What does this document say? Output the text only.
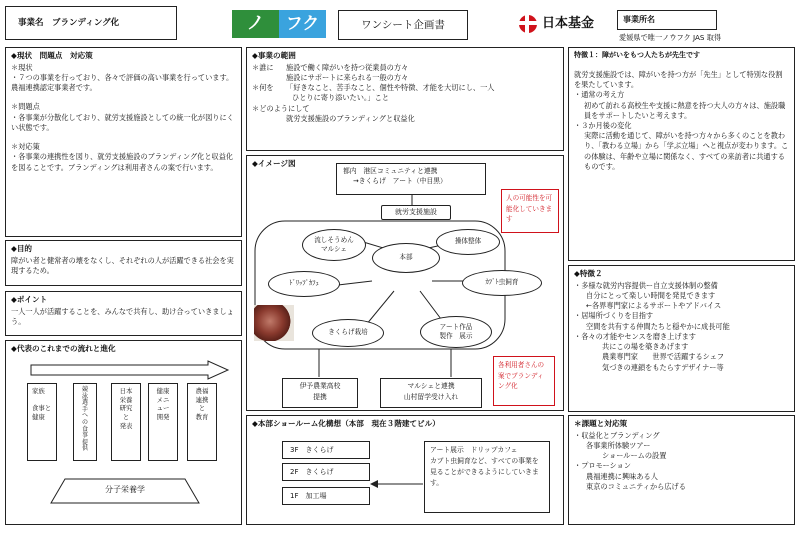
事業名　ブランディング化	ノ	フク	ワンシート企画書	日本基金	事業所名
愛媛県で唯一ノウフク JAS 取得

◆現状　問題点　対応策

＊現状

・７つの事業を行っており、各々で評価の高い事業を行っています。農福連携認定事業者です。

＊問題点

・各事業が分散化しており、就労支援施設としての統一化が図りにくい状態です。

＊対応策

・各事業の連携性を図り、就労支援施設のブランディング化と収益化を図ることです。ブランディングは利用者さんの案で行います。

◆目的

障がい者と健常者の壊をなくし、それぞれの人が活躍できる社会を実現するため。

◆ポイント

一人一人が活躍することを、みんなで共有し、助け合っていきましょう。

◆代表のこれまでの流れと進化

家族

食事と
健康
競
泳
選
手
へ
の
食
事
提
供
日本
栄養
研究
と
発表
健康
メニ
ュー
開発
農福
連携
と
教育
分子栄養学

◆事業の範囲

＊誰に	施設で働く障がいを持つ従業員の方々
施設にサポートに来られる一般の方々
＊何を	「好きなこと、苦手なこと、個性や特徴、才能を大切にし、一人
ひとりに寄り添いたい。」こと
＊どのようにして
就労支援施設のブランディングと収益化

◆イメージ図

都内　港区コミュニティと連携

→きくらげ　アート（中目黒）

人の可能性を可能化していきます
就労支援施設
本部
流しそうめん
マルシェ
操体整体
ﾄﾞﾘｯﾌﾟｶﾌｪ	ｶﾌﾞﾄ虫飼育
きくらげ栽培
アート作品
製作　展示
各利用者さんの案でブランディング化
伊予農業高校
提携

マルシェと連携

山村留学受け入れ

◆本部ショールーム化構想（本部　現在３階建てビル）

3F　きくらげ
2F　きくらげ
1F　加工場
アート展示　ドリップカフェ
カブト虫飼育など、すべての事業を見ることができるようにしていきます。

特徴１：障がいをもつ人たちが先生です

就労支援施設では、障がいを持つ方が「先生」として特別な役割を果たしています。

・通常の考え方

初めて訪れる高校生や支援に熱意を持つ大人の方々は、施設職員をサポートしたいと考えます。

・３か月後の変化

実際に活動を通じて、障がいを持つ方々から多くのことを教わり、「教わる立場」から「学ぶ立場」へと視点が変わります。この体験は、年齢や立場に関係なく、すべての来訪者に共通するものです。

◆特徴２

・多様な就労内容提供ー自立支援体制の整備

自分にとって楽しい時間を発見できます

←各界専門家によるサポートやアドバイス

・居場所づくりを目指す

空間を共有する仲間たちと穏やかに成長可能

・各々の才能やセンスを磨き上げます

共にこの場を築きあげます

農業専門家　　世界で活躍するシェフ

気づきの連鎖をもたらすデザイナー等

＊課題と対応策

・収益化とブランディング

各事業所体験ツアー

ショールームの設置

・プロモーション

農福連携に興味ある人

東京のコミュニティから広げる
